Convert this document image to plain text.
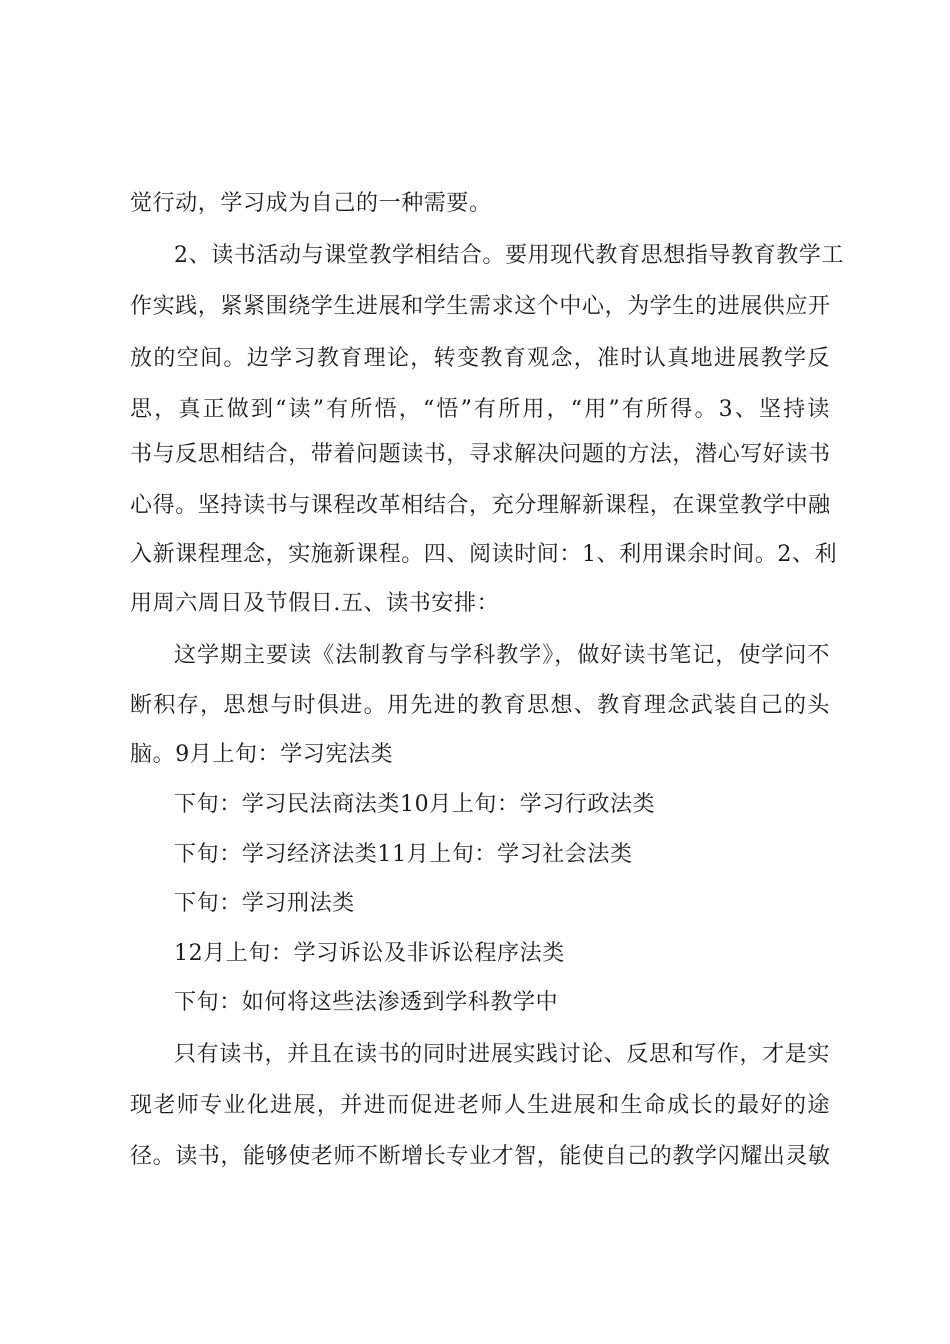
觉行动，学习成为自己的一种需要。
2、读书活动与课堂教学相结合。要用现代教育思想指导教育教学工
作实践，紧紧围绕学生进展和学生需求这个中心，为学生的进展供应开
放的空间。边学习教育理论，转变教育观念，准时认真地进展教学反
思，真正做到“读”有所悟，“悟”有所用，“用”有所得。3、坚持读
书与反思相结合，带着问题读书，寻求解决问题的方法，潜心写好读书
心得。坚持读书与课程改革相结合，充分理解新课程，在课堂教学中融
入新课程理念，实施新课程。四、阅读时间：1、利用课余时间。2、利
用周六周日及节假日.五、读书安排：
这学期主要读《法制教育与学科教学》，做好读书笔记，使学问不
断积存，思想与时俱进。用先进的教育思想、教育理念武装自己的头
脑。9月上旬：学习宪法类
下旬：学习民法商法类10月上旬：学习行政法类
下旬：学习经济法类11月上旬：学习社会法类
下旬：学习刑法类
12月上旬：学习诉讼及非诉讼程序法类
下旬：如何将这些法渗透到学科教学中
只有读书，并且在读书的同时进展实践讨论、反思和写作，才是实
现老师专业化进展，并进而促进老师人生进展和生命成长的最好的途
径。读书，能够使老师不断增长专业才智，能使自己的教学闪耀出灵敏
